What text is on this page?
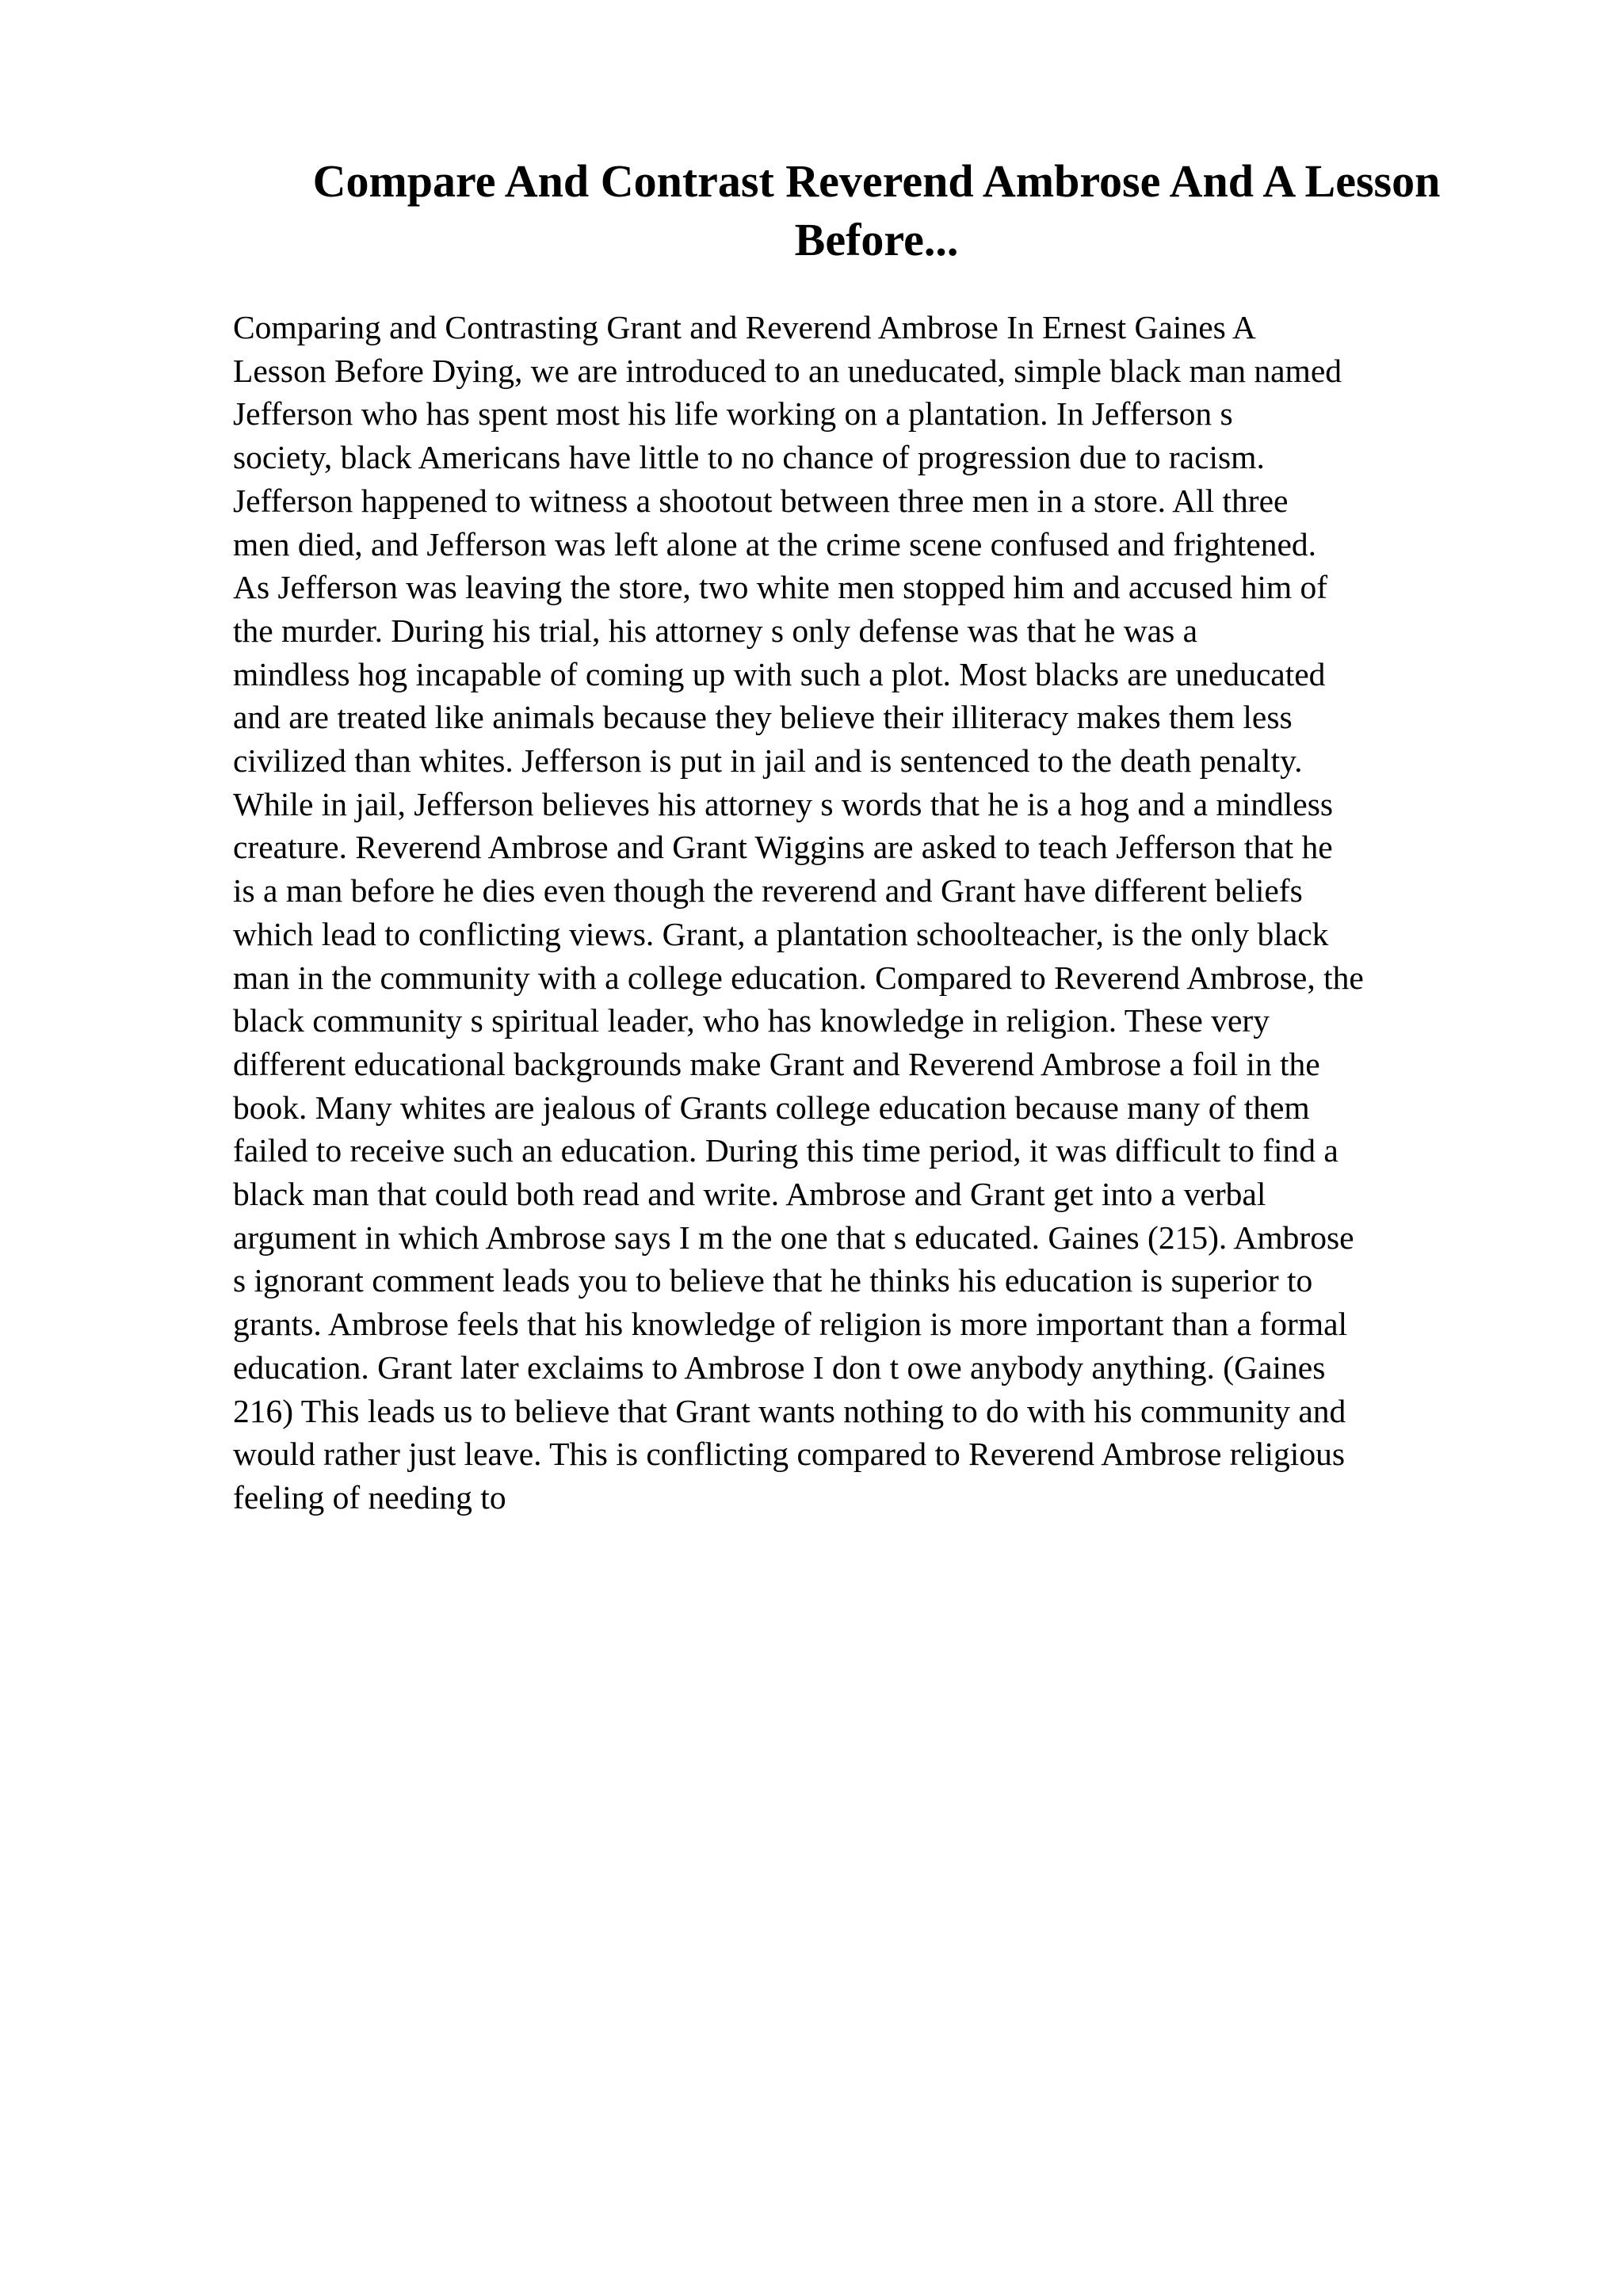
Compare And Contrast Reverend Ambrose And A Lesson Before...
Comparing and Contrasting Grant and Reverend Ambrose In Ernest Gaines A
Lesson Before Dying, we are introduced to an uneducated, simple black man named
Jefferson who has spent most his life working on a plantation. In Jefferson s
society, black Americans have little to no chance of progression due to racism.
Jefferson happened to witness a shootout between three men in a store. All three
men died, and Jefferson was left alone at the crime scene confused and frightened.
As Jefferson was leaving the store, two white men stopped him and accused him of
the murder. During his trial, his attorney s only defense was that he was a
mindless hog incapable of coming up with such a plot. Most blacks are uneducated
and are treated like animals because they believe their illiteracy makes them less
civilized than whites. Jefferson is put in jail and is sentenced to the death penalty.
While in jail, Jefferson believes his attorney s words that he is a hog and a mindless
creature. Reverend Ambrose and Grant Wiggins are asked to teach Jefferson that he
is a man before he dies even though the reverend and Grant have different beliefs
which lead to conflicting views. Grant, a plantation schoolteacher, is the only black
man in the community with a college education. Compared to Reverend Ambrose, the
black community s spiritual leader, who has knowledge in religion. These very
different educational backgrounds make Grant and Reverend Ambrose a foil in the
book. Many whites are jealous of Grants college education because many of them
failed to receive such an education. During this time period, it was difficult to find a
black man that could both read and write. Ambrose and Grant get into a verbal
argument in which Ambrose says I m the one that s educated. Gaines (215). Ambrose
s ignorant comment leads you to believe that he thinks his education is superior to
grants. Ambrose feels that his knowledge of religion is more important than a formal
education. Grant later exclaims to Ambrose I don t owe anybody anything. (Gaines
216) This leads us to believe that Grant wants nothing to do with his community and
would rather just leave. This is conflicting compared to Reverend Ambrose religious
feeling of needing to
